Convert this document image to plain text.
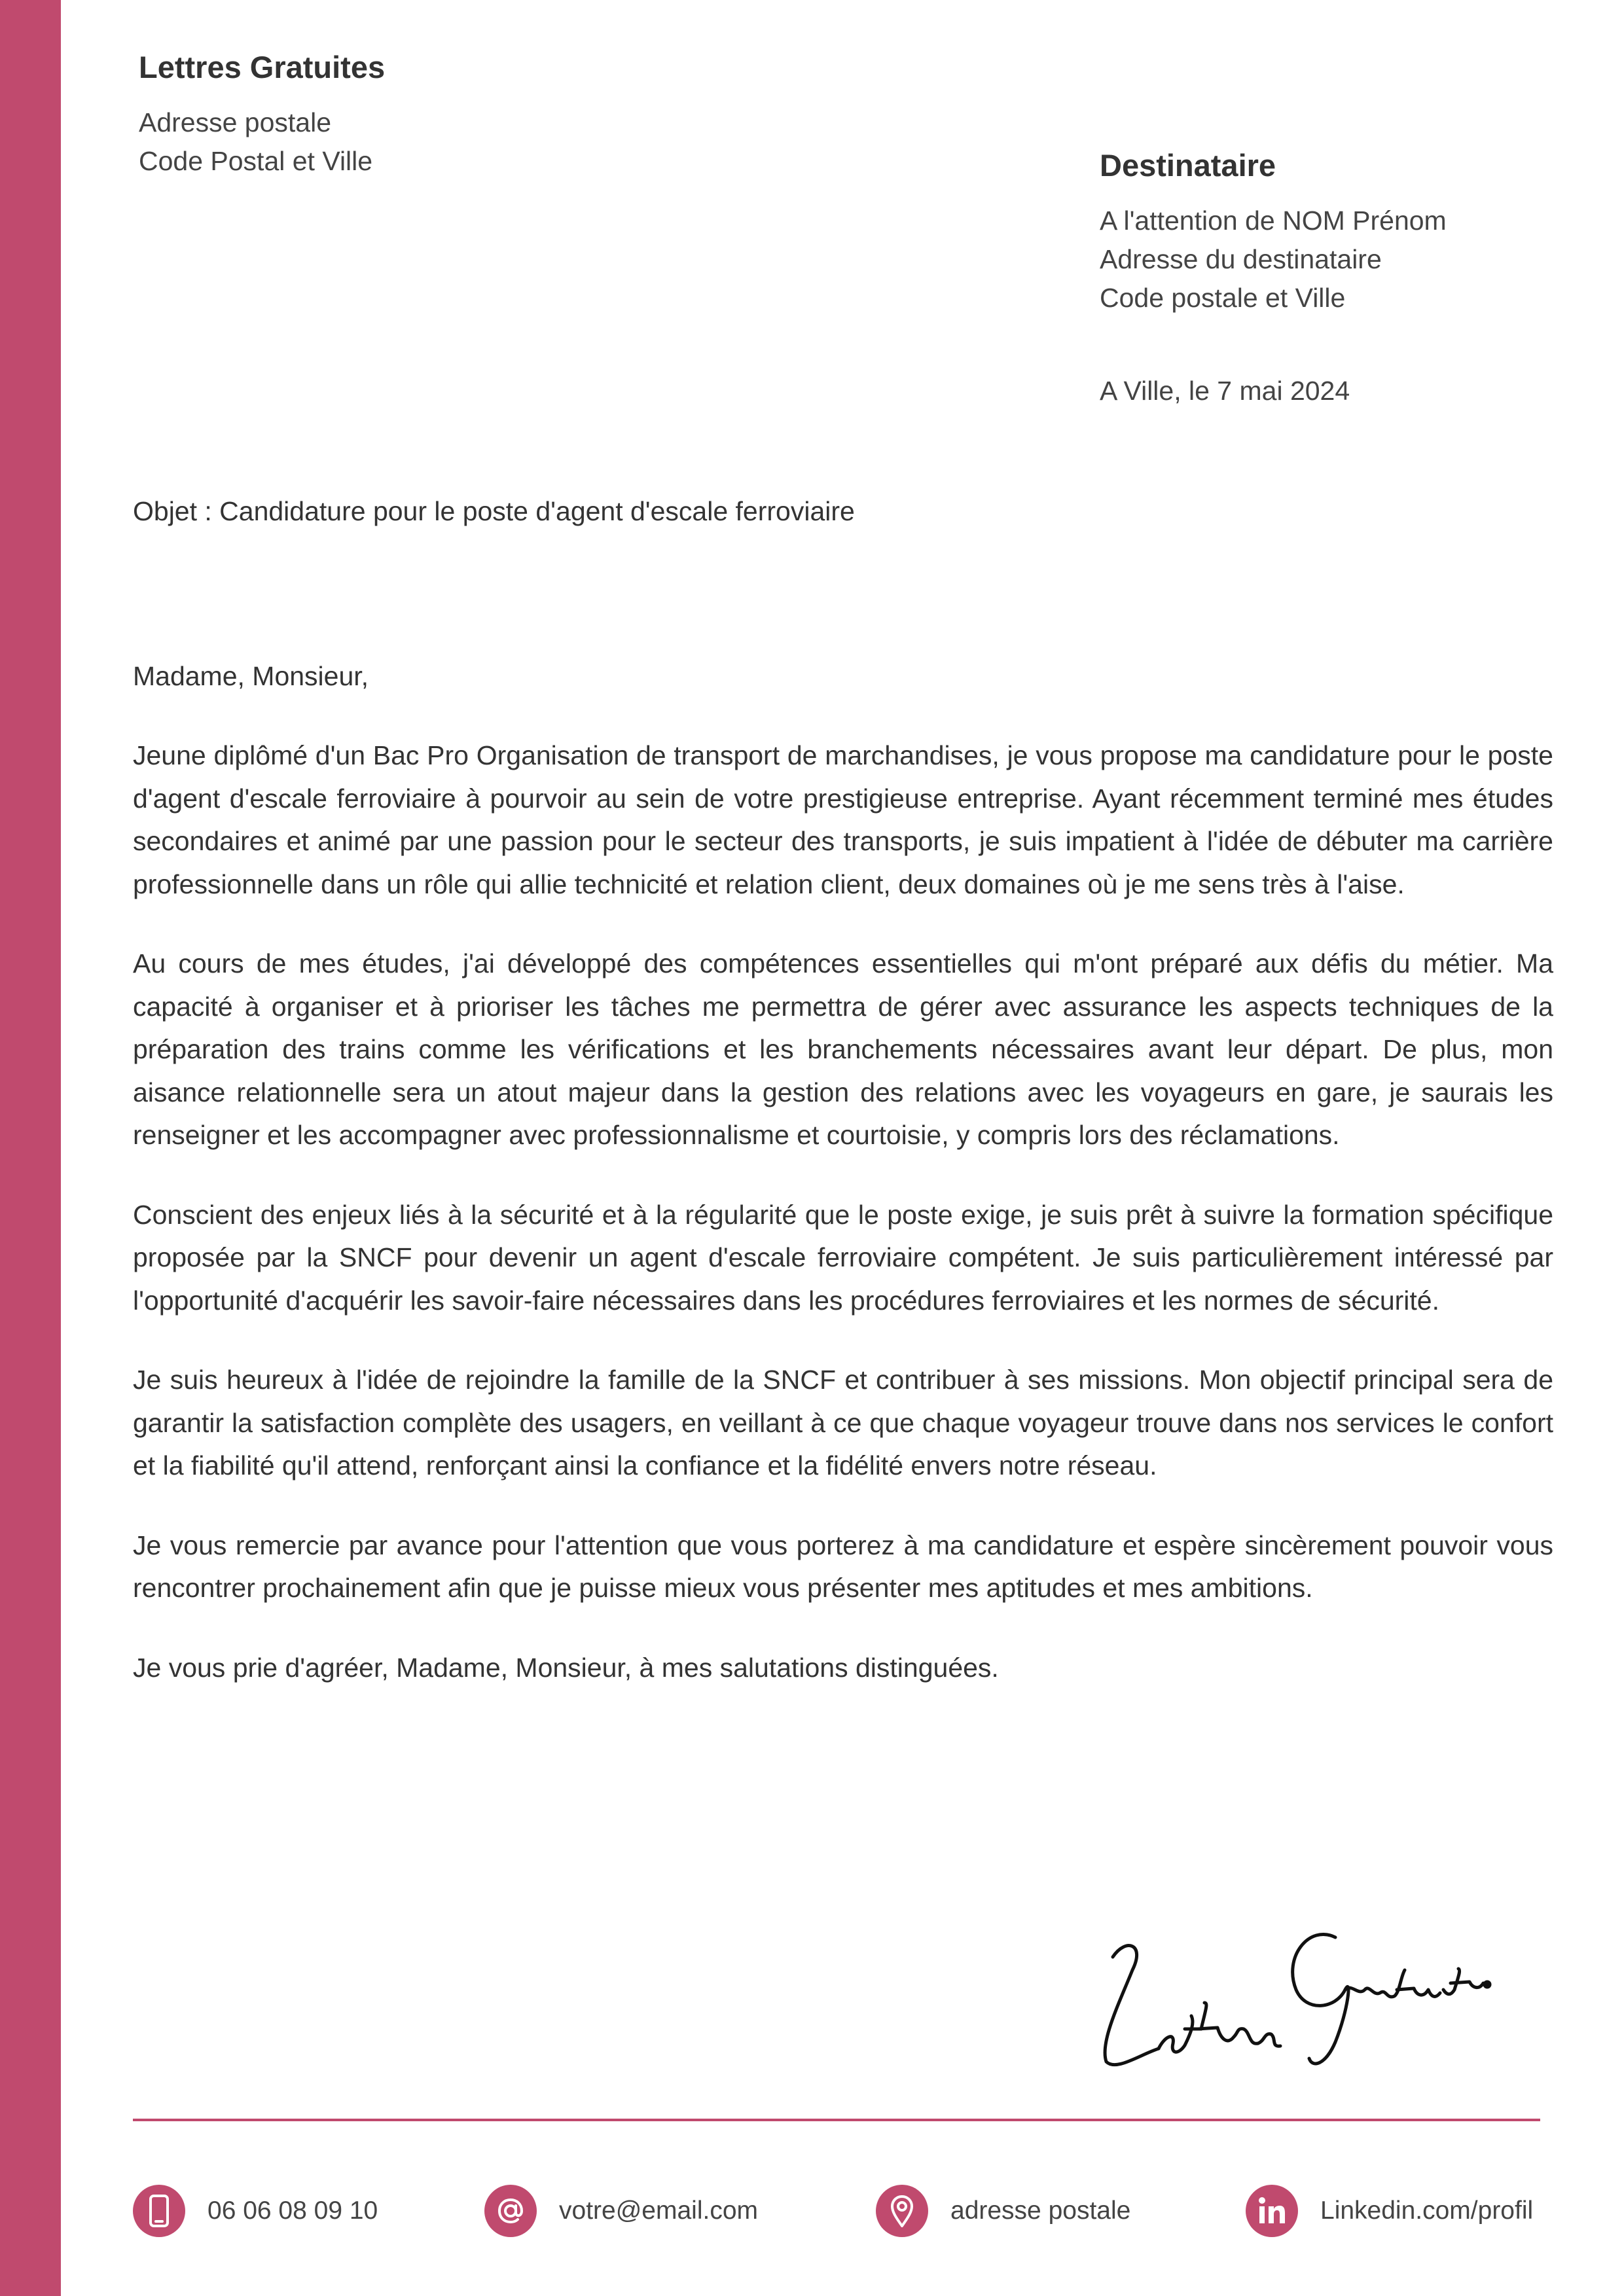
Lettres Gratuites
Adresse postale
Code Postal et Ville	Destinataire
A l'attention de NOM Prénom
Adresse du destinataire
Code postale et Ville
A Ville, le 7 mai 2024
Objet : Candidature pour le poste d'agent d'escale ferroviaire

Madame, Monsieur,

Jeune diplômé d'un Bac Pro Organisation de transport de marchandises, je vous propose ma candidature pour le poste d'agent d'escale ferroviaire à pourvoir au sein de votre prestigieuse entreprise. Ayant récemment terminé mes études secondaires et animé par une passion pour le secteur des transports, je suis impatient à l'idée de débuter ma carrière professionnelle dans un rôle qui allie technicité et relation client, deux domaines où je me sens très à l'aise.

Au cours de mes études, j'ai développé des compétences essentielles qui m'ont préparé aux défis du métier. Ma capacité à organiser et à prioriser les tâches me permettra de gérer avec assurance les aspects techniques de la préparation des trains comme les vérifications et les branchements nécessaires avant leur départ. De plus, mon aisance relationnelle sera un atout majeur dans la gestion des relations avec les voyageurs en gare, je saurais les renseigner et les accompagner avec professionnalisme et courtoisie, y compris lors des réclamations.

Conscient des enjeux liés à la sécurité et à la régularité que le poste exige, je suis prêt à suivre la formation spécifique proposée par la SNCF pour devenir un agent d'escale ferroviaire compétent. Je suis particulièrement intéressé par l'opportunité d'acquérir les savoir-faire nécessaires dans les procédures ferroviaires et les normes de sécurité.

Je suis heureux à l'idée de rejoindre la famille de la SNCF et contribuer à ses missions. Mon objectif principal sera de garantir la satisfaction complète des usagers, en veillant à ce que chaque voyageur trouve dans nos services le confort et la fiabilité qu'il attend, renforçant ainsi la confiance et la fidélité envers notre réseau.

Je vous remercie par avance pour l'attention que vous porterez à ma candidature et espère sincèrement pouvoir vous rencontrer prochainement afin que je puisse mieux vous présenter mes aptitudes et mes ambitions.

Je vous prie d'agréer, Madame, Monsieur, à mes salutations distinguées.

06 06 08 09 10	votre@email.com	adresse postale	Linkedin.com/profil
